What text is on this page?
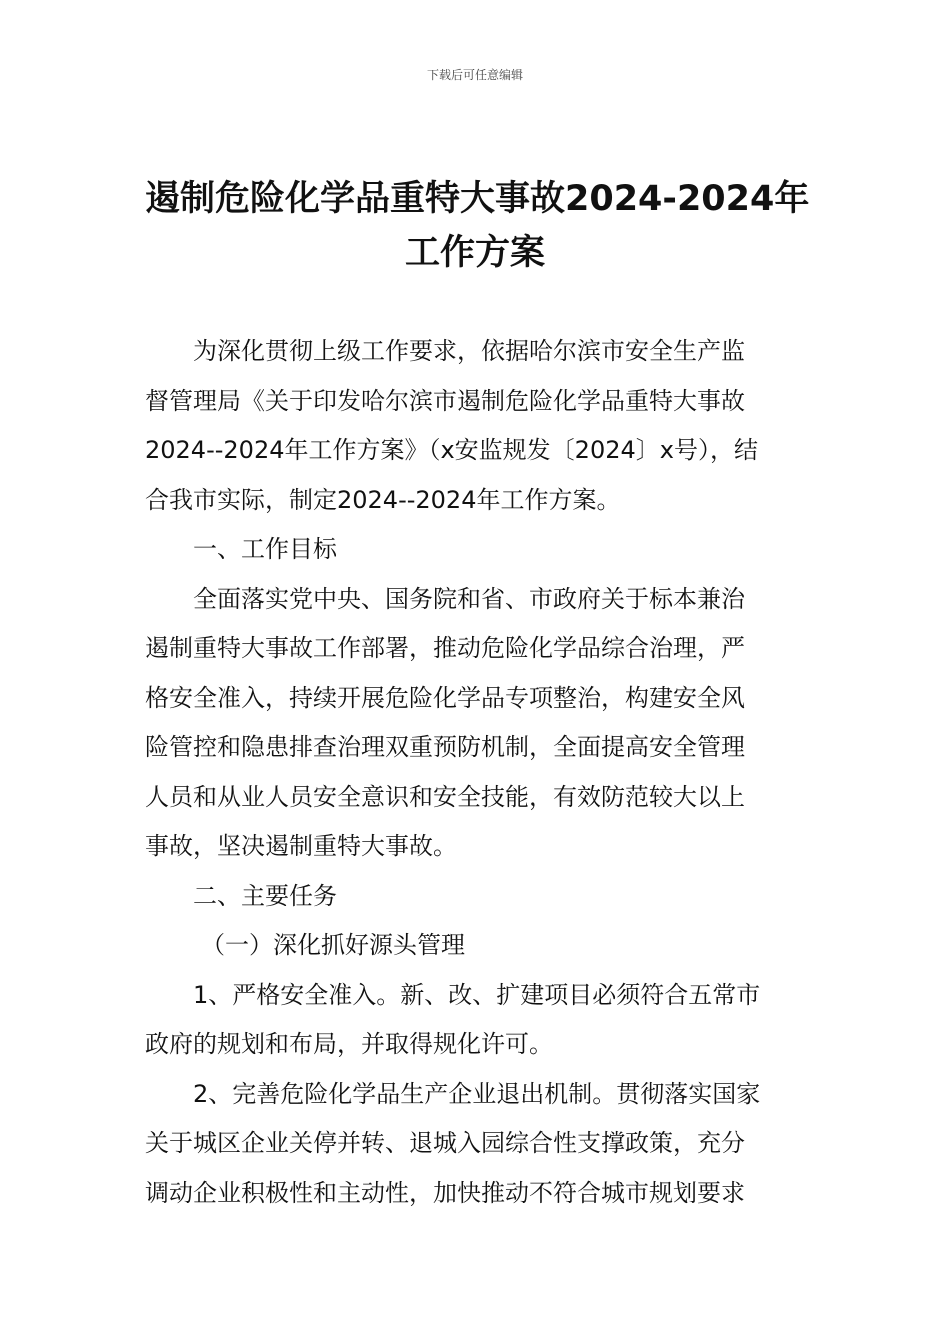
下载后可任意编辑
遏制危险化学品重特大事故2024-2024年
工作方案
为深化贯彻上级工作要求，依据哈尔滨市安全生产监
督管理局《关于印发哈尔滨市遏制危险化学品重特大事故
2024--2024年工作方案》（x安监规发〔2024〕x号），结
合我市实际，制定2024--2024年工作方案。
一、工作目标
全面落实党中央、国务院和省、市政府关于标本兼治
遏制重特大事故工作部署，推动危险化学品综合治理，严
格安全准入，持续开展危险化学品专项整治，构建安全风
险管控和隐患排查治理双重预防机制，全面提高安全管理
人员和从业人员安全意识和安全技能，有效防范较大以上
事故，坚决遏制重特大事故。
二、主要任务
（一）深化抓好源头管理
1、严格安全准入。新、改、扩建项目必须符合五常市
政府的规划和布局，并取得规化许可。
2、完善危险化学品生产企业退出机制。贯彻落实国家
关于城区企业关停并转、退城入园综合性支撑政策，充分
调动企业积极性和主动性，加快推动不符合城市规划要求
